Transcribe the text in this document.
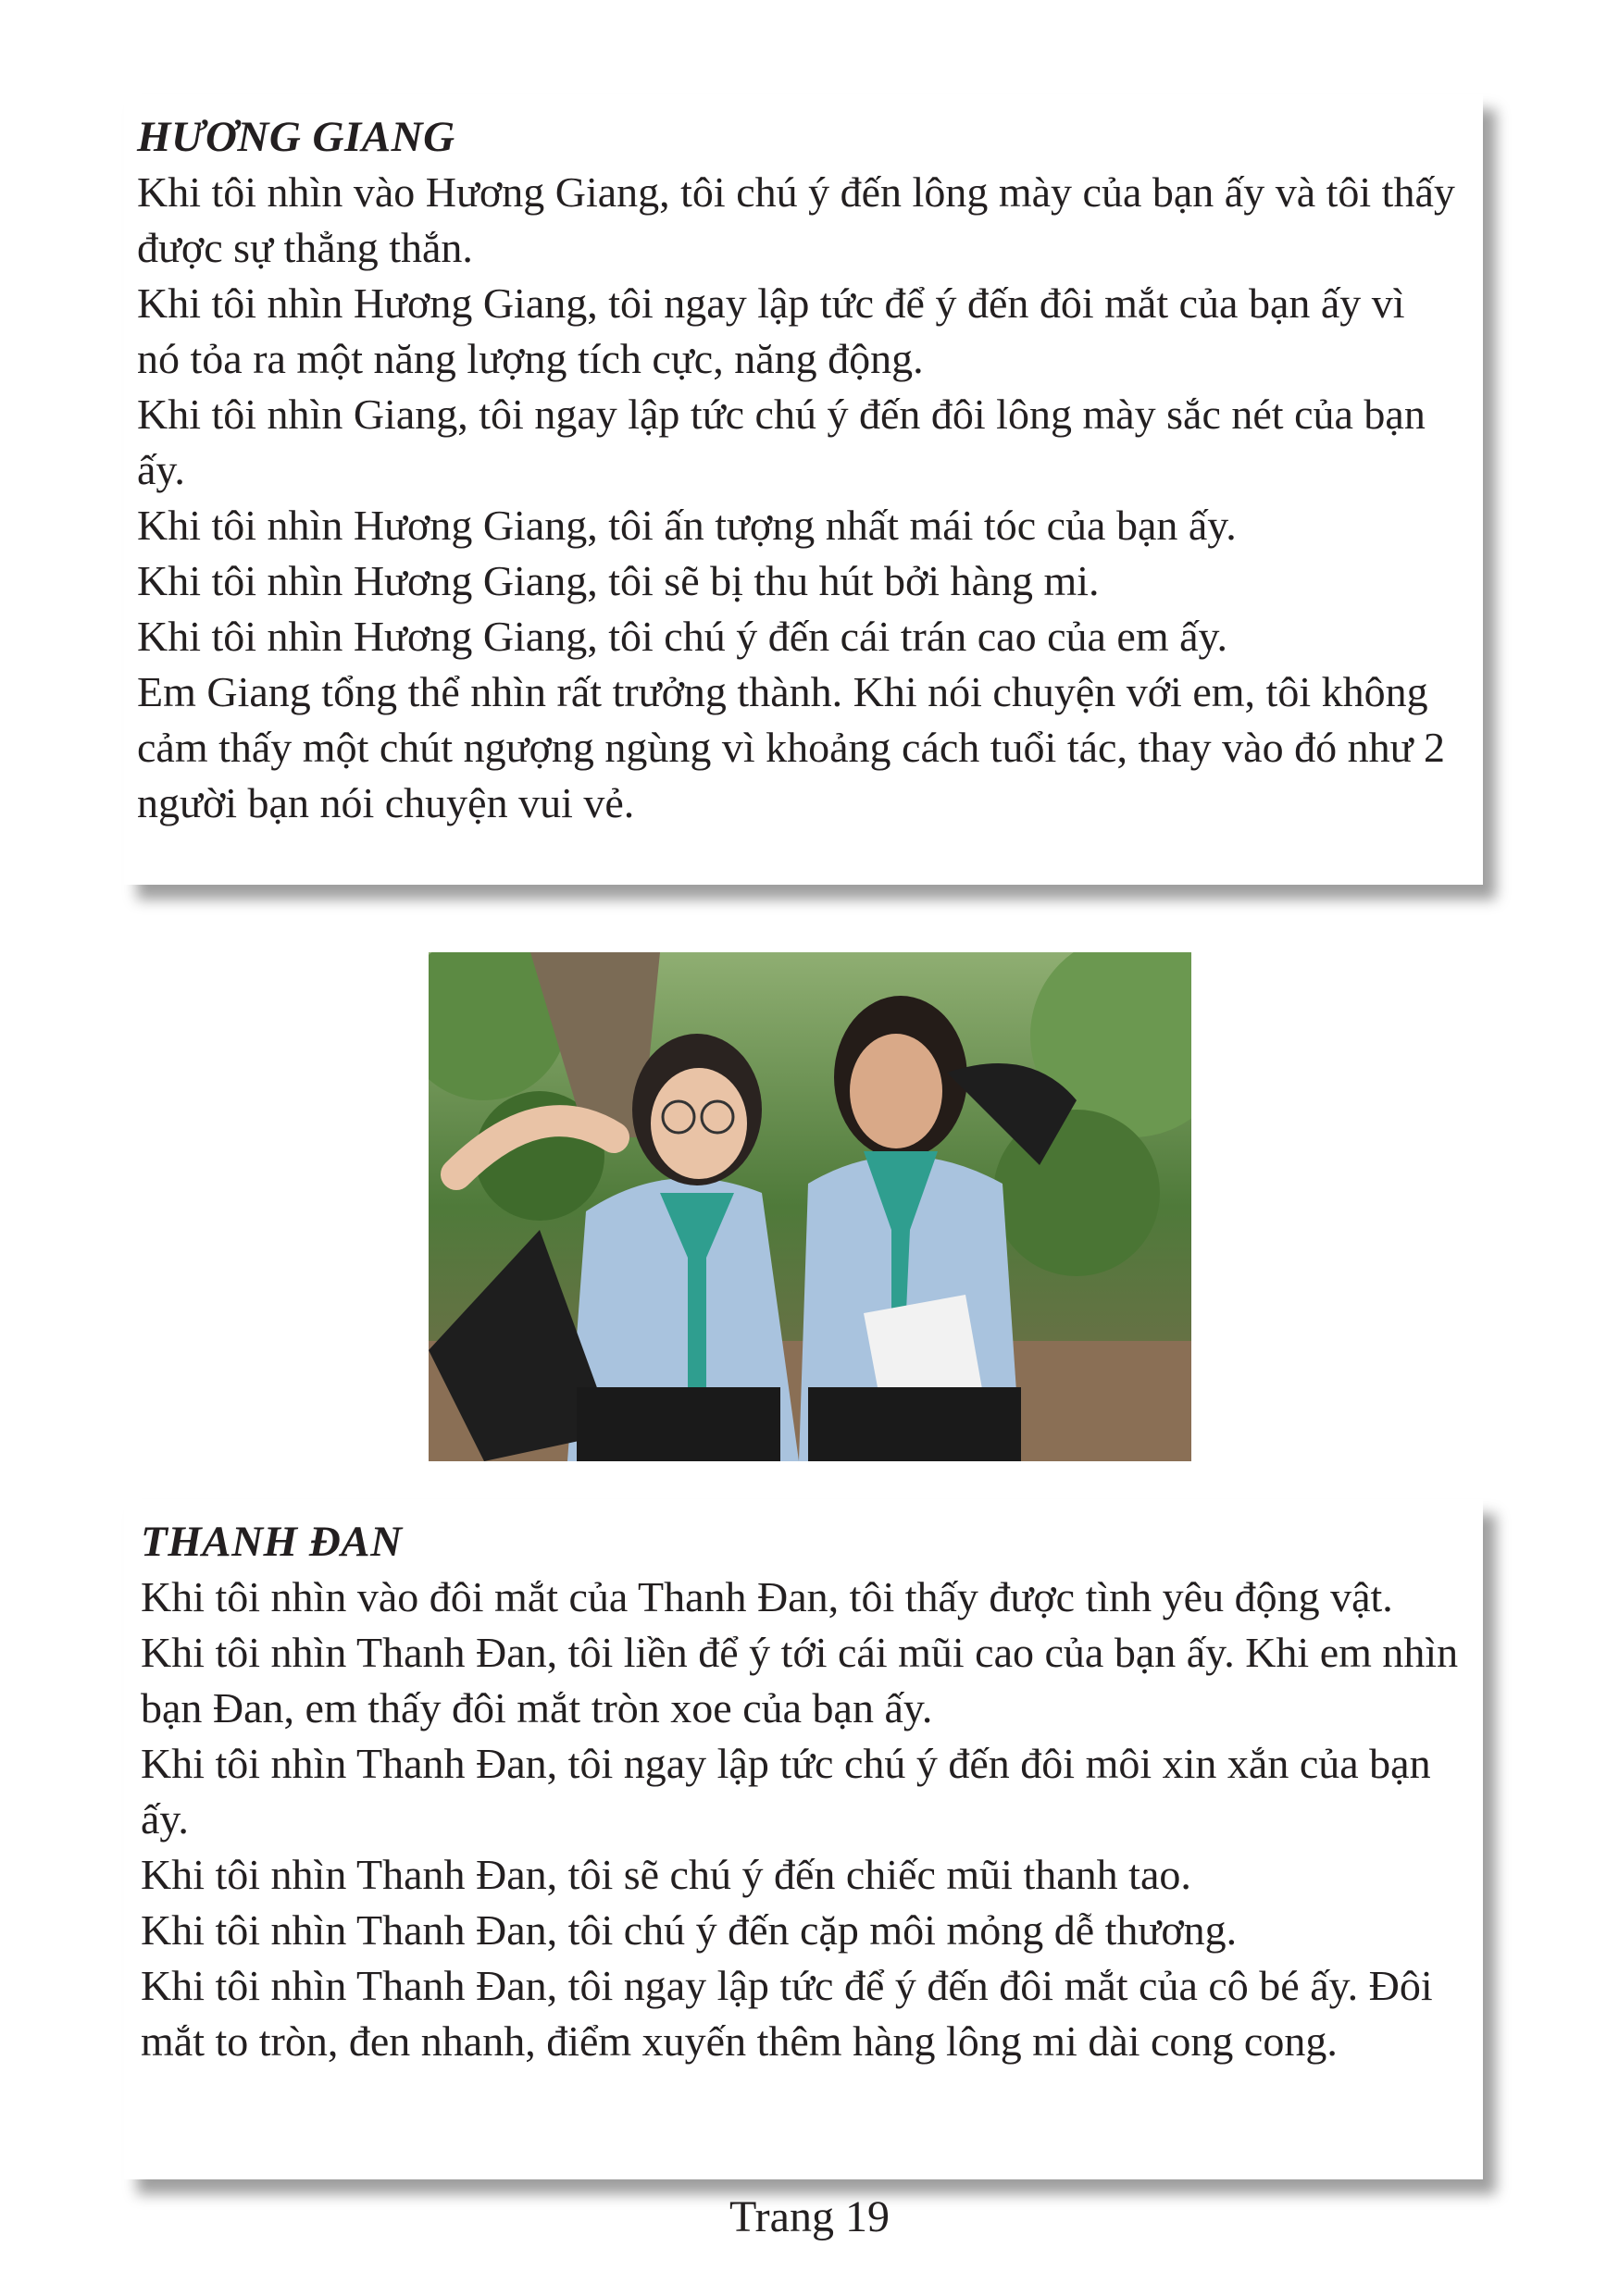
HƯƠNG GIANG
Khi tôi nhìn vào Hương Giang, tôi chú ý đến lông mày của bạn ấy và tôi thấy được sự thẳng thắn.
Khi tôi nhìn Hương Giang, tôi ngay lập tức để ý đến đôi mắt của bạn ấy vì nó tỏa ra một năng lượng tích cực, năng động.
Khi tôi nhìn Giang, tôi ngay lập tức chú ý đến đôi lông mày sắc nét của bạn ấy.
Khi tôi nhìn Hương Giang, tôi ấn tượng nhất mái tóc của bạn ấy.
Khi tôi nhìn Hương Giang, tôi sẽ bị thu hút bởi hàng mi.
Khi tôi nhìn Hương Giang, tôi chú ý đến cái trán cao của em ấy.
Em Giang tổng thể nhìn rất trưởng thành. Khi nói chuyện với em, tôi không cảm thấy một chút ngượng ngùng vì khoảng cách tuổi tác, thay vào đó như 2 người bạn nói chuyện vui vẻ.
THANH ĐAN
Khi tôi nhìn vào đôi mắt của Thanh Đan, tôi thấy được tình yêu động vật.
Khi tôi nhìn Thanh Đan, tôi liền để ý tới cái mũi cao của bạn ấy. Khi em nhìn bạn Đan, em thấy đôi mắt tròn xoe của bạn ấy.
Khi tôi nhìn Thanh Đan, tôi ngay lập tức chú ý đến đôi môi xin xắn của bạn ấy.
Khi tôi nhìn Thanh Đan, tôi sẽ chú ý đến chiếc mũi thanh tao.
Khi tôi nhìn Thanh Đan, tôi chú ý đến cặp môi mỏng dễ thương.
Khi tôi nhìn Thanh Đan, tôi ngay lập tức để ý đến đôi mắt của cô bé ấy. Đôi mắt to tròn, đen nhanh, điểm xuyến thêm hàng lông mi dài cong cong.
Trang 19
